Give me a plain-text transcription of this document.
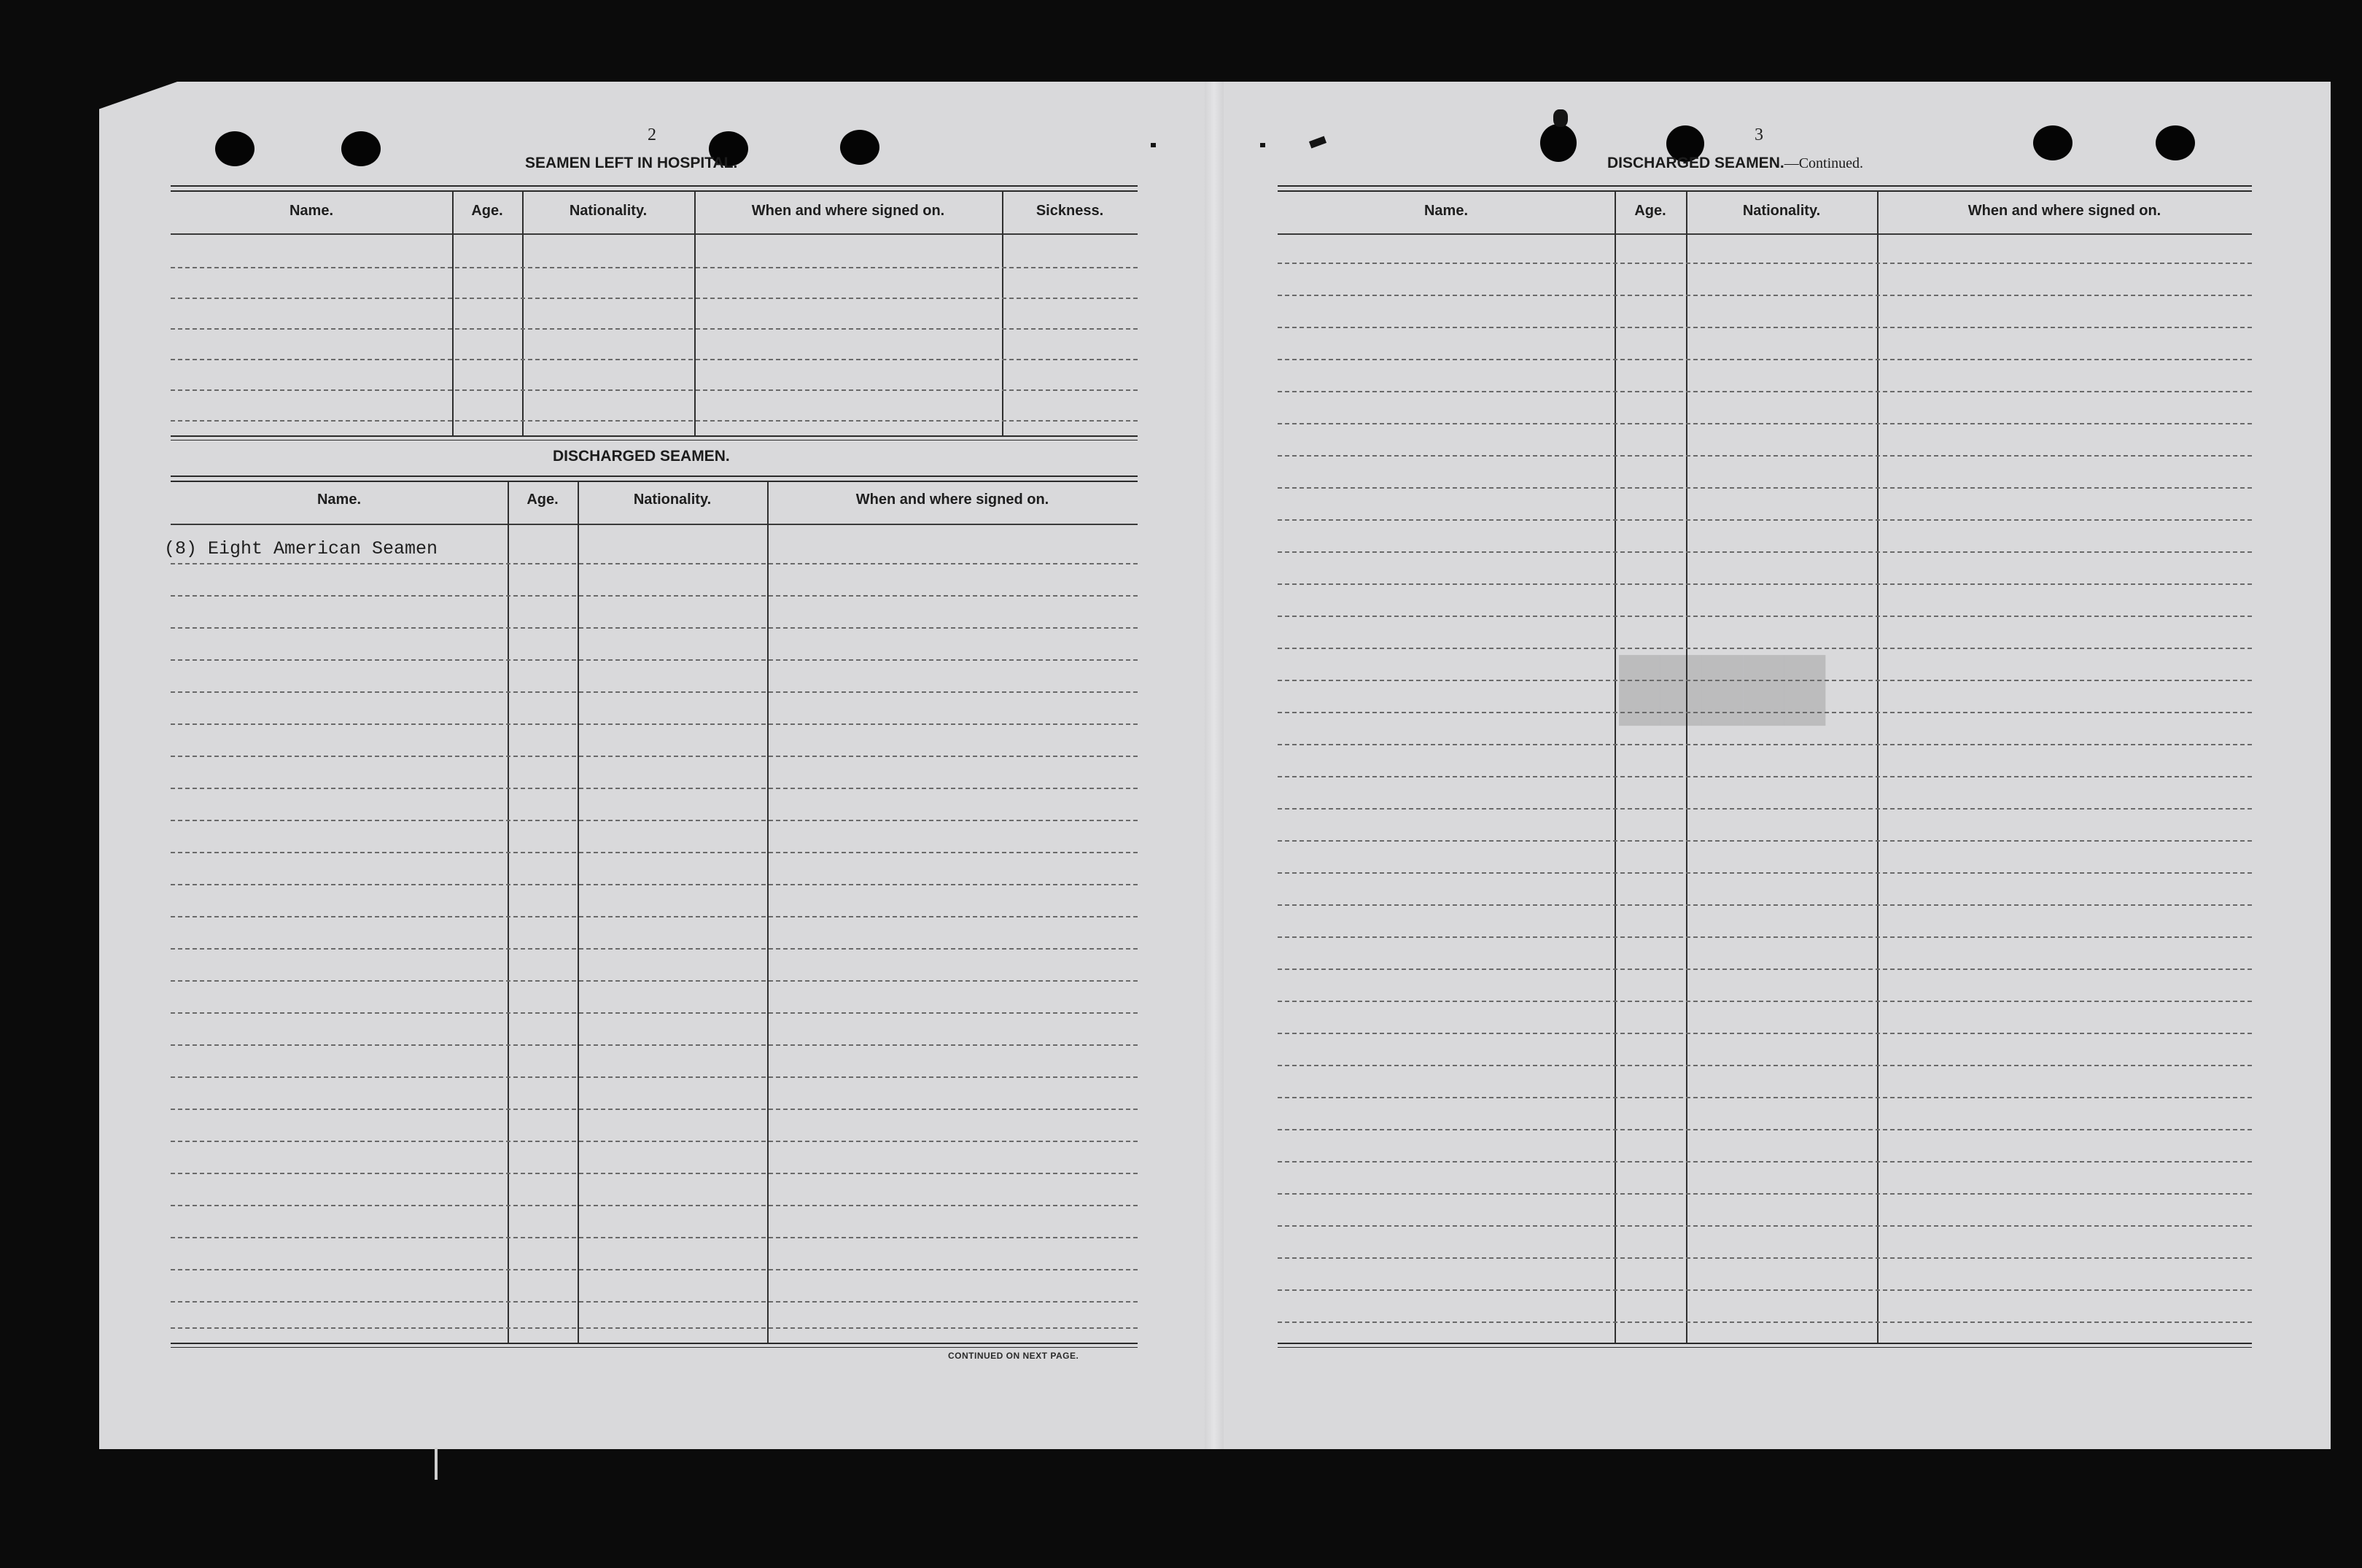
█████
2
SEAMEN LEFT IN HOSPITAL.
Name.	Age.	Nationality.	When and where signed on.	Sickness.
DISCHARGED SEAMEN.
Name.	Age.	Nationality.	When and where signed on.
(8) Eight American Seamen
CONTINUED ON NEXT PAGE.
3
DISCHARGED SEAMEN.—Continued.
Name.	Age.	Nationality.	When and where signed on.
